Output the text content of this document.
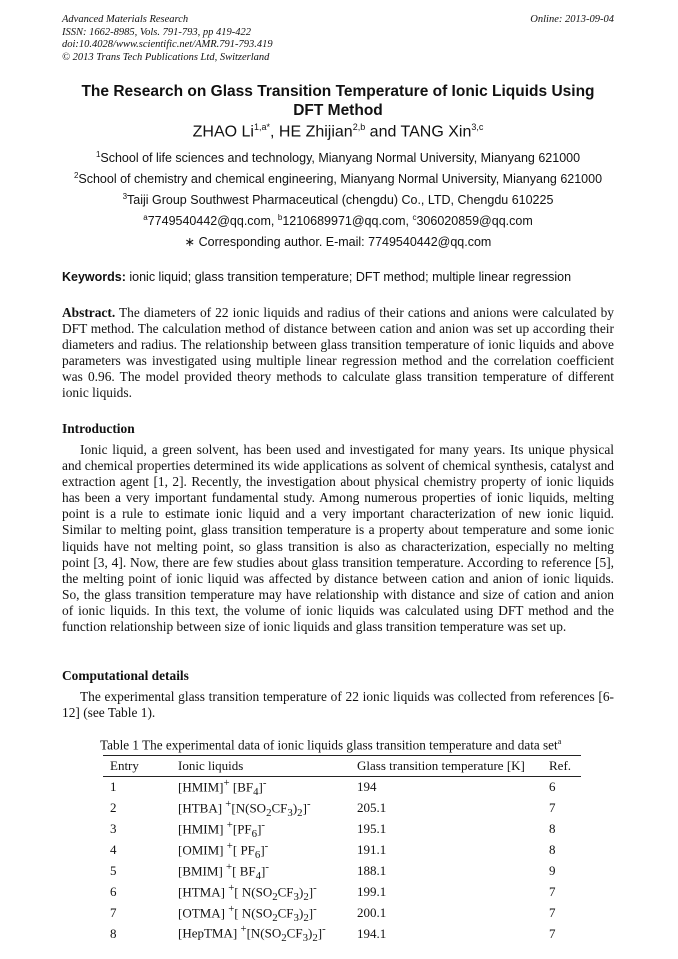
Advanced Materials Research
ISSN: 1662-8985, Vols. 791-793, pp 419-422
doi:10.4028/www.scientific.net/AMR.791-793.419
© 2013 Trans Tech Publications Ltd, Switzerland
Online: 2013-09-04
The Research on Glass Transition Temperature of Ionic Liquids Using
DFT Method
ZHAO $Li^{1,a*}$, HE Zhijian$^{2,b}$ and TANG Xin$^{3,c}$
$^1$School of life sciences and technology, Mianyang Normal University, Mianyang 621000
$^2$School of chemistry and chemical engineering, Mianyang Normal University, Mianyang 621000
$^3$Taiji Group Southwest Pharmaceutical (chengdu) Co., LTD, Chengdu 610225
$^a$7749540442@qq.com, $^b$1210689971@qq.com, $^c$306020859@qq.com
∗ Corresponding author. E-mail: 7749540442@qq.com
Keywords: ionic liquid; glass transition temperature; DFT method; multiple linear regression
Abstract. The diameters of 22 ionic liquids and radius of their cations and anions were calculated by DFT method. The calculation method of distance between cation and anion was set up according their diameters and radius. The relationship between glass transition temperature of ionic liquids and above parameters was investigated using multiple linear regression method and the correlation coefficient was 0.96. The model provided theory methods to calculate glass transition temperature of different ionic liquids.
Introduction
Ionic liquid, a green solvent, has been used and investigated for many years. Its unique physical and chemical properties determined its wide applications as solvent of chemical synthesis, catalyst and extraction agent [1, 2]. Recently, the investigation about physical chemistry property of ionic liquids has been a very important fundamental study. Among numerous properties of ionic liquids, melting point is a rule to estimate ionic liquid and a very important characterization of new ionic liquid. Similar to melting point, glass transition temperature is a property about temperature and some ionic liquids have not melting point, so glass transition is also as characterization, especially no melting point [3, 4]. Now, there are few studies about glass transition temperature. According to reference [5], the melting point of ionic liquid was affected by distance between cation and anion of ionic liquids. So, the glass transition temperature may have relationship with distance and size of cation and anion of ionic liquids. In this text, the volume of ionic liquids was calculated using DFT method and the function relationship between size of ionic liquids and glass transition temperature was set up.
Computational details
The experimental glass transition temperature of 22 ionic liquids was collected from references [6-12] (see Table 1).
Table 1 The experimental data of ionic liquids glass transition temperature and data set$^a$
Entry	Ionic liquids	Glass transition temperature [K]	Ref.
1	[HMIM]+ $[BF_4]^-$	194	6
2	[HTBA] $^+[N(SO_2CF_3)_2]^-$	205.1	7
3	[HMIM] $^+[PF_6]^-$	195.1	8
4	[OMIM] +[ $PF_6]^-$	191.1	8
5	[BMIM] +[ $BF_4]^-$	188.1	9
6	[HTMA] +[ $N(SO_2CF_3)_2]^-$	199.1	7
7	[OTMA] +[ $N(SO_2CF_3)_2]^-$	200.1	7
8	[HepTMA] $^+[N(SO_2CF_3)_2]^-$	194.1	7
